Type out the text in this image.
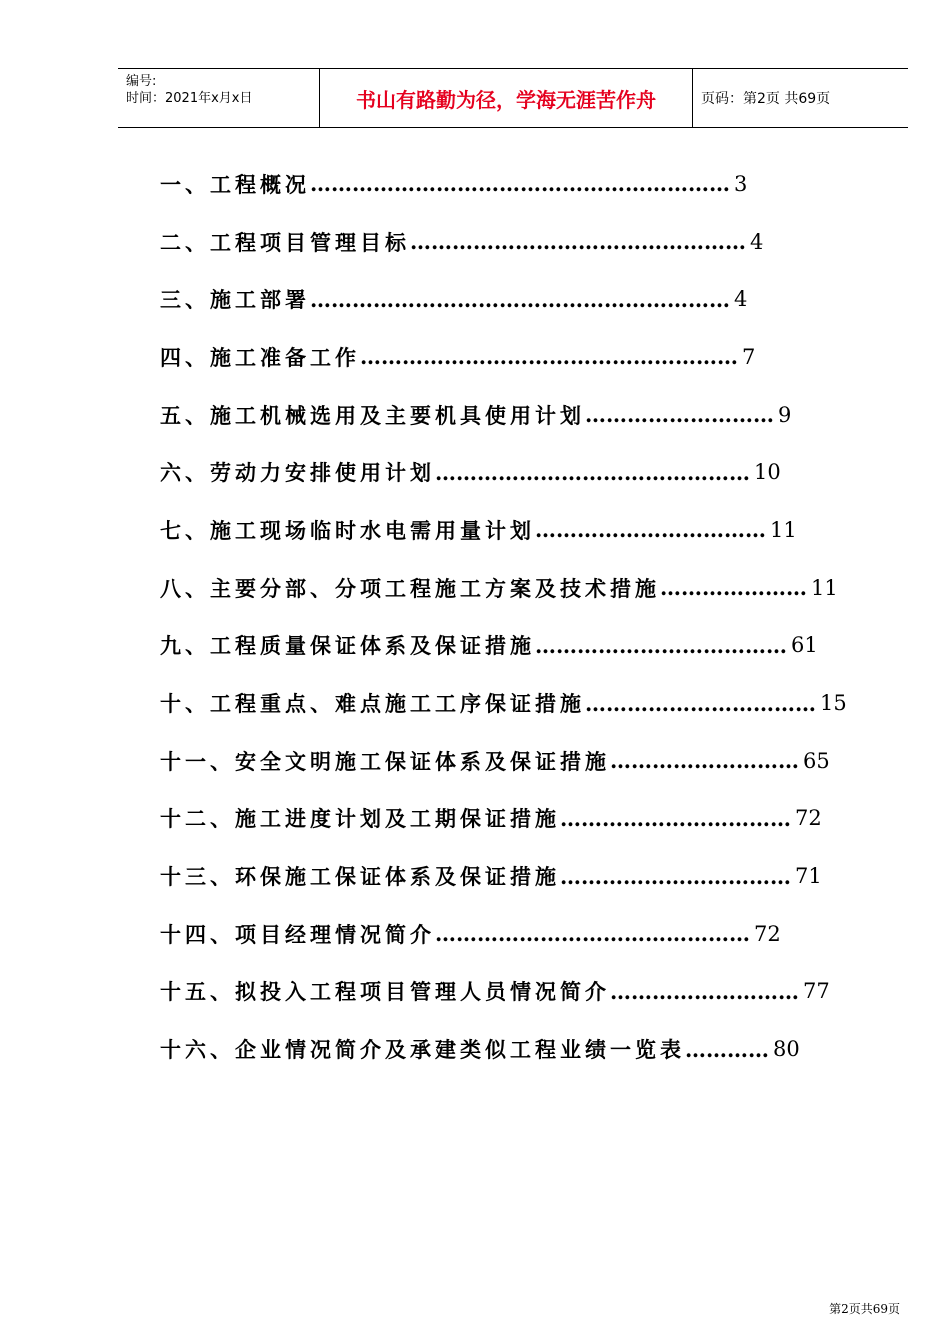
编号:
时间：2021年x月x日	书山有路勤为径，学海无涯苦作舟	页码：第2页 共69页
一、工程概况 …………………………………………………… 3
二、工程项目管理目标 ………………………………………… 4
三、施工部署 …………………………………………………… 4
四、施工准备工作 ……………………………………………… 7
五、施工机械选用及主要机具使用计划 ……………………… 9
六、劳动力安排使用计划 ……………………………………… 10
七、施工现场临时水电需用量计划 …………………………… 11
八、主要分部、分项工程施工方案及技术措施 ………………… 11
九、工程质量保证体系及保证措施 ……………………………… 61
十、工程重点、难点施工工序保证措施 …………………………… 15
十一、安全文明施工保证体系及保证措施 ……………………… 65
十二、施工进度计划及工期保证措施 …………………………… 72
十三、环保施工保证体系及保证措施 …………………………… 71
十四、项目经理情况简介 ……………………………………… 72
十五、拟投入工程项目管理人员情况简介 ……………………… 77
十六、企业情况简介及承建类似工程业绩一览表 ………… 80
第2页共69页
